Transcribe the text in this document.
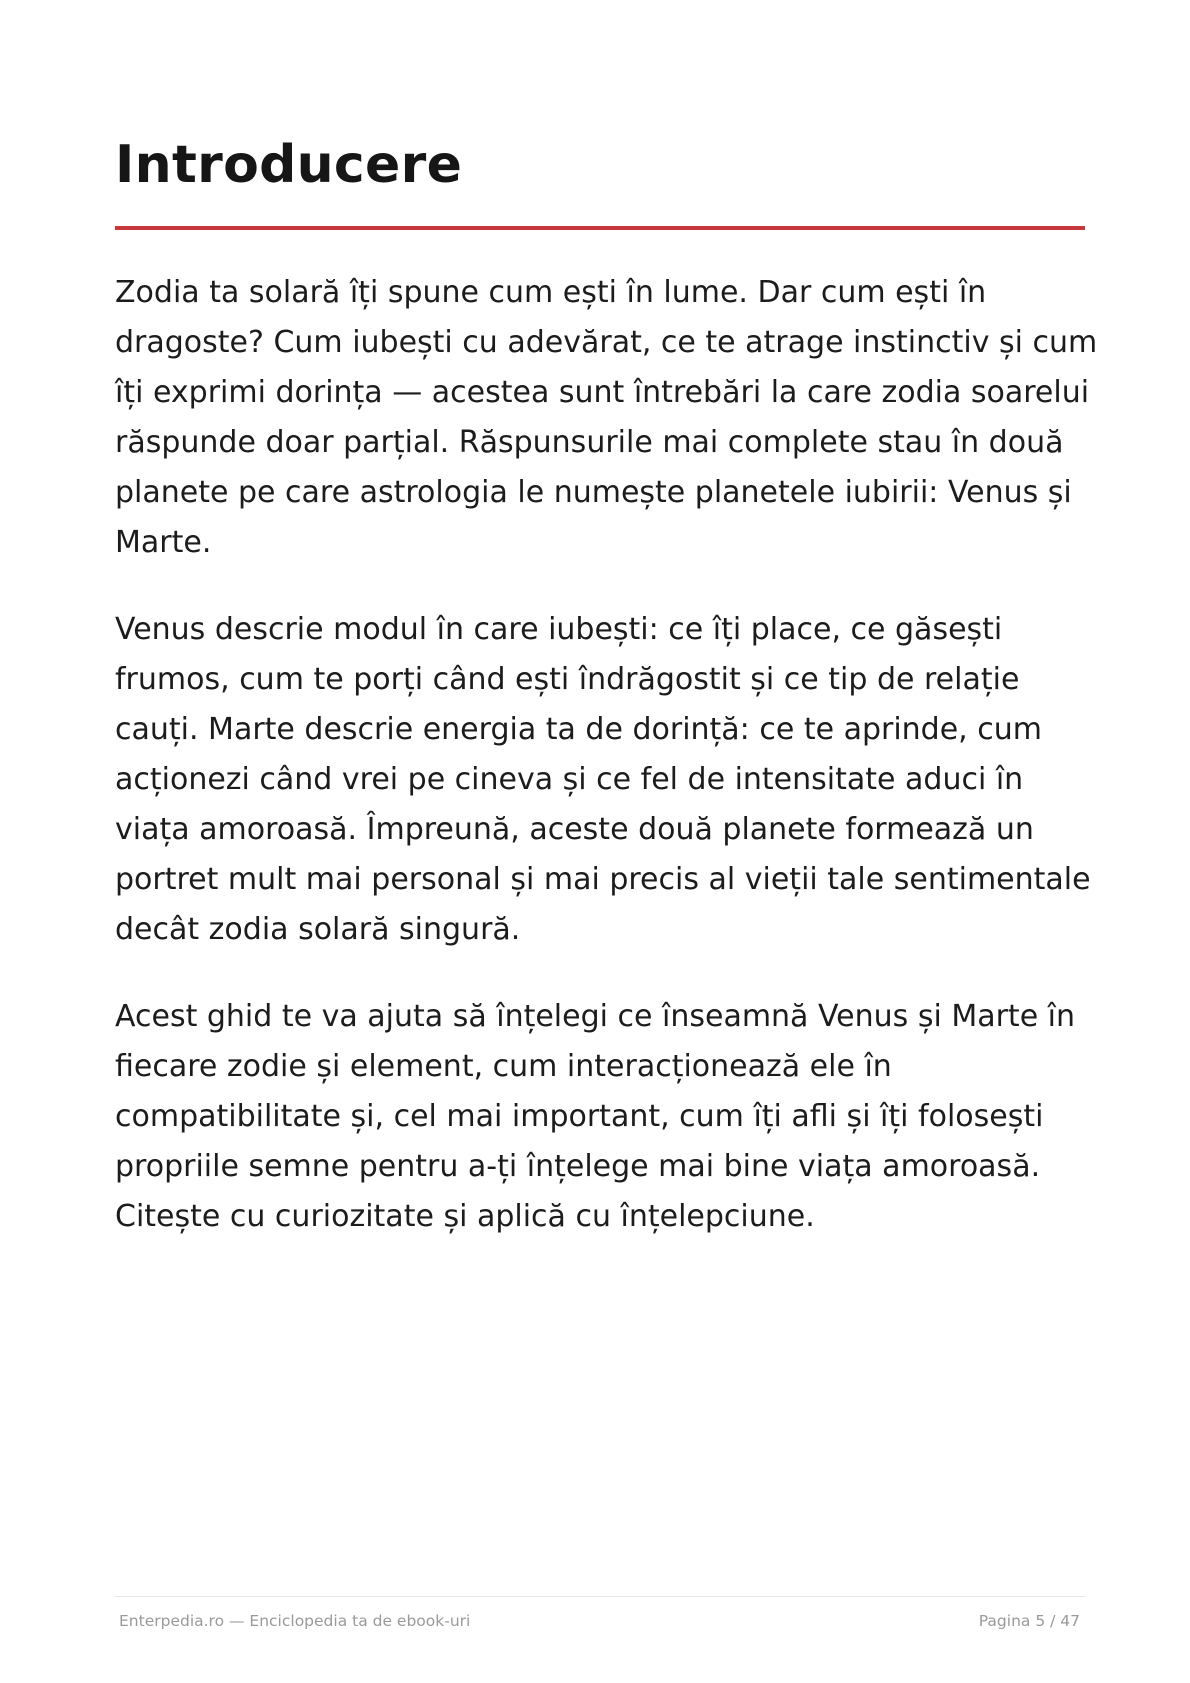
Introducere

Zodia ta solară îți spune cum ești în lume. Dar cum ești în dragoste? Cum iubești cu adevărat, ce te atrage instinctiv și cum îți exprimi dorința — acestea sunt întrebări la care zodia soarelui răspunde doar parțial. Răspunsurile mai complete stau în două planete pe care astrologia le numește planetele iubirii: Venus și Marte.

Venus descrie modul în care iubești: ce îți place, ce găsești frumos, cum te porți când ești îndrăgostit și ce tip de relație cauți. Marte descrie energia ta de dorință: ce te aprinde, cum acționezi când vrei pe cineva și ce fel de intensitate aduci în viața amoroasă. Împreună, aceste două planete formează un portret mult mai personal și mai precis al vieții tale sentimentale decât zodia solară singură.

Acest ghid te va ajuta să înțelegi ce înseamnă Venus și Marte în fiecare zodie și element, cum interacționează ele în compatibilitate și, cel mai important, cum îți afli și îți folosești propriile semne pentru a-ți înțelege mai bine viața amoroasă. Citește cu curiozitate și aplică cu înțelepciune.

Enterpedia.ro — Enciclopedia ta de ebook-uri	Pagina 5 / 47
